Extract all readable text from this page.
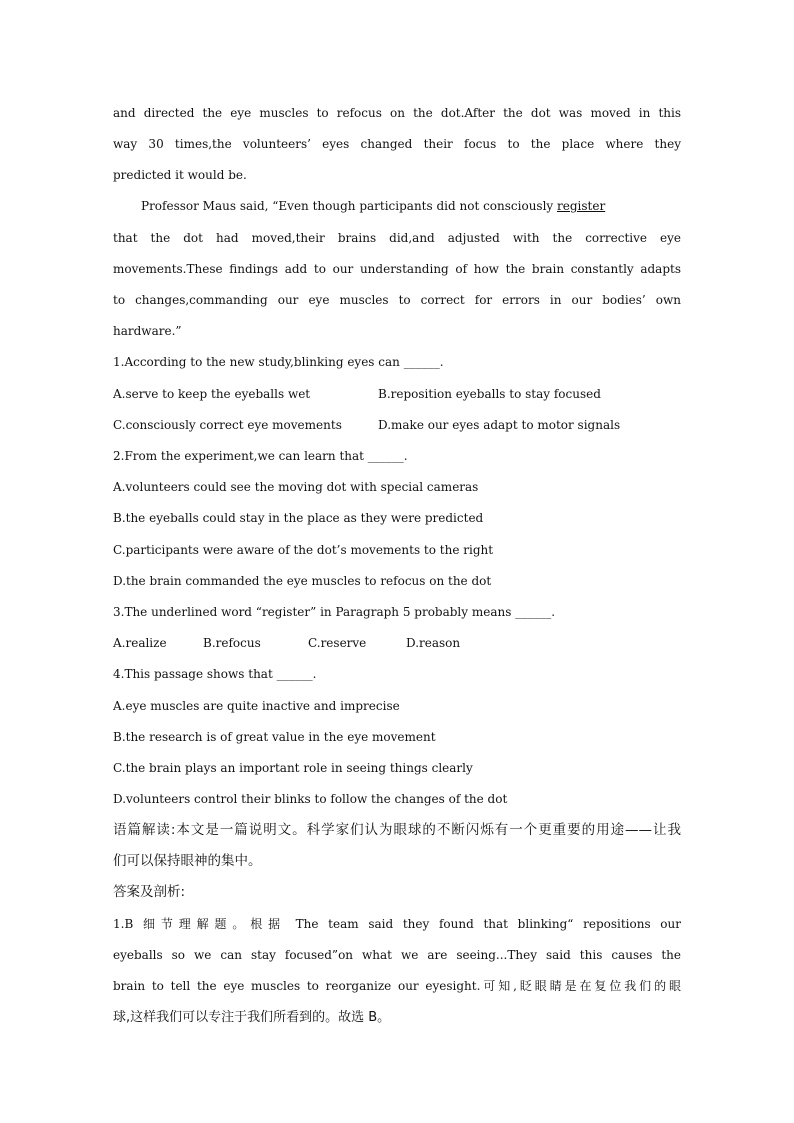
and directed the eye muscles to refocus on the dot.After the dot was moved in this
way 30 times,the volunteers’ eyes changed their focus to the place where they
predicted it would be.
Professor Maus said, “Even though participants did not consciously register
that the dot had moved,their brains did,and adjusted with the corrective eye
movements.These findings add to our understanding of how the brain constantly adapts
to changes,commanding our eye muscles to correct for errors in our bodies’ own
hardware.”
1.According to the new study,blinking eyes can ______.
A.serve to keep the eyeballs wet	B.reposition eyeballs to stay focused
C.consciously correct eye movements	D.make our eyes adapt to motor signals
2.From the experiment,we can learn that ______.
A.volunteers could see the moving dot with special cameras
B.the eyeballs could stay in the place as they were predicted
C.participants were aware of the dot’s movements to the right
D.the brain commanded the eye muscles to refocus on the dot
3.The underlined word “register” in Paragraph 5 probably means ______.
A.realize	B.refocus	C.reserve	D.reason
4.This passage shows that ______.
A.eye muscles are quite inactive and imprecise
B.the research is of great value in the eye movement
C.the brain plays an important role in seeing things clearly
D.volunteers control their blinks to follow the changes of the dot
语篇解读:本文是一篇说明文。科学家们认为眼球的不断闪烁有一个更重要的用途——让我
们可以保持眼神的集中。
答案及剖析:
1.B 细节理解题。根据 The team said they found that blinking“ repositions our
eyeballs so we can stay focused”on what we are seeing...They said this causes the
brain to tell the eye muscles to reorganize our eyesight.可知,眨眼睛是在复位我们的眼
球,这样我们可以专注于我们所看到的。故选 B。
